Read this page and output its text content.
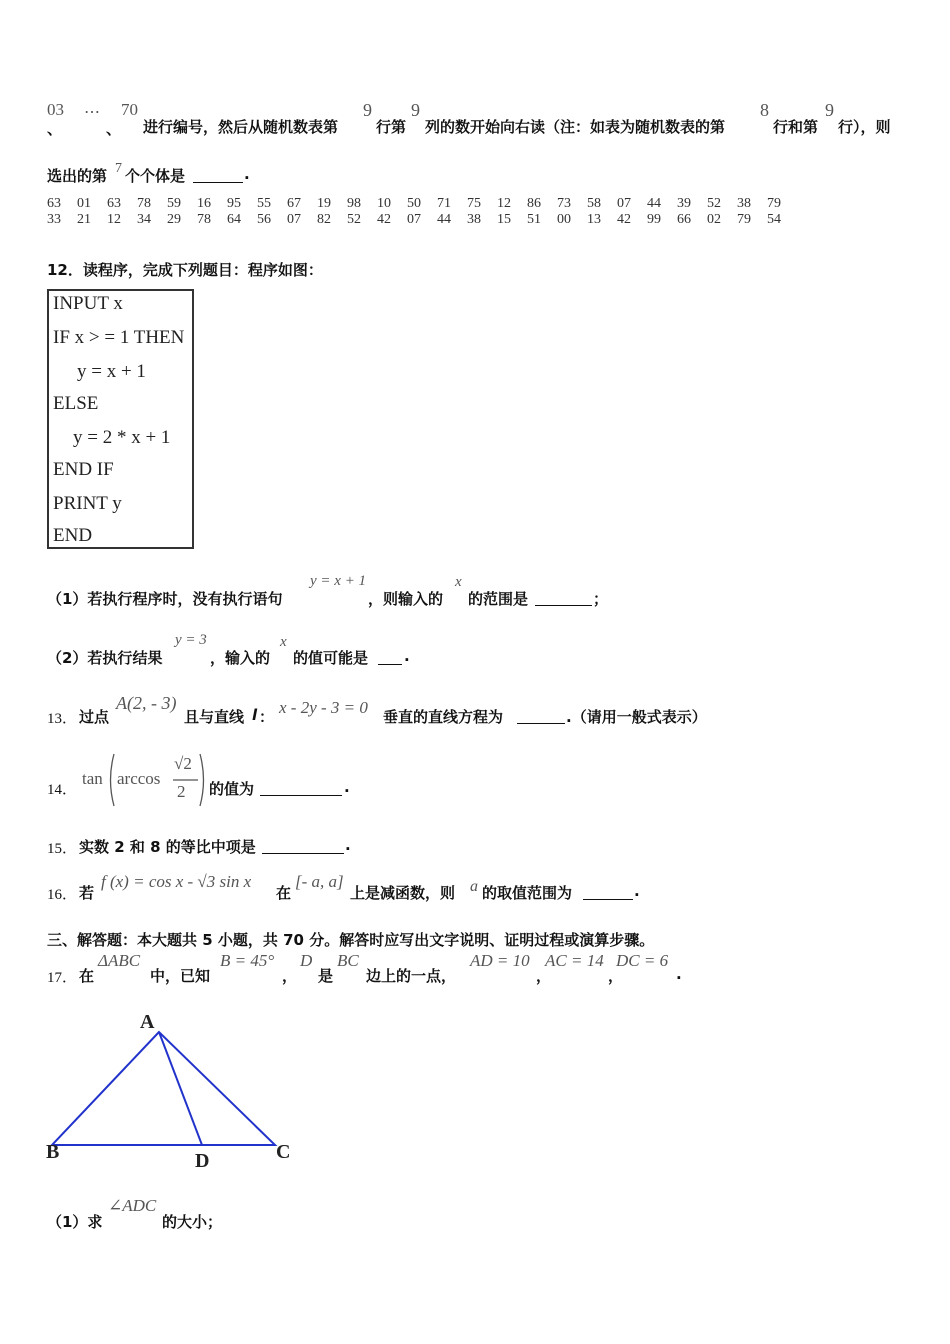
03
、
⋯
、
70
进行编号，然后从随机数表第
9
行第
9
列的数开始向右读（注：如表为随机数表的第
8
行和第
9
行），则
选出的第 7 个个体是	.
63	01	63	78	59	16	95	55	67	19	98	10	50	71	75	12	86	73	58	07	44	39	52	38	79
33	21	12	34	29	78	64	56	07	82	52	42	07	44	38	15	51	00	13	42	99	66	02	79	54
12．读程序，完成下列题目：程序如图：
INPUT x
IF x > = 1 THEN
y = x + 1
ELSE
y = 2 * x + 1
END IF
PRINT y
END
（1）若执行程序时，没有执行语句
y = x + 1
，则输入的
x
的范围是	；
（2）若执行结果
y = 3
，输入的
x
的值可能是 .
13． 过点
A(2, - 3)
且与直线 l ： x - 2y - 3 = 0 垂直的直线方程为	.（请用一般式表示）
14．
tan arccos
√2
2 的值为	.
15． 实数 2 和 8 的等比中项是	.
16． 若
f (x) = cos x - √3 sin x
在
[- a, a]
上是减函数，则 a 的取值范围为	.
三、解答题：本大题共 5 小题，共 70 分。解答时应写出文字说明、证明过程或演算步骤。
17． 在
ΔABC
中，已知
B = 45°
，
D
是
BC
边上的一点，
AD = 10
，
AC = 14
，
DC = 6
.
A
B	C
D
（1）求
∠ADC
的大小；
